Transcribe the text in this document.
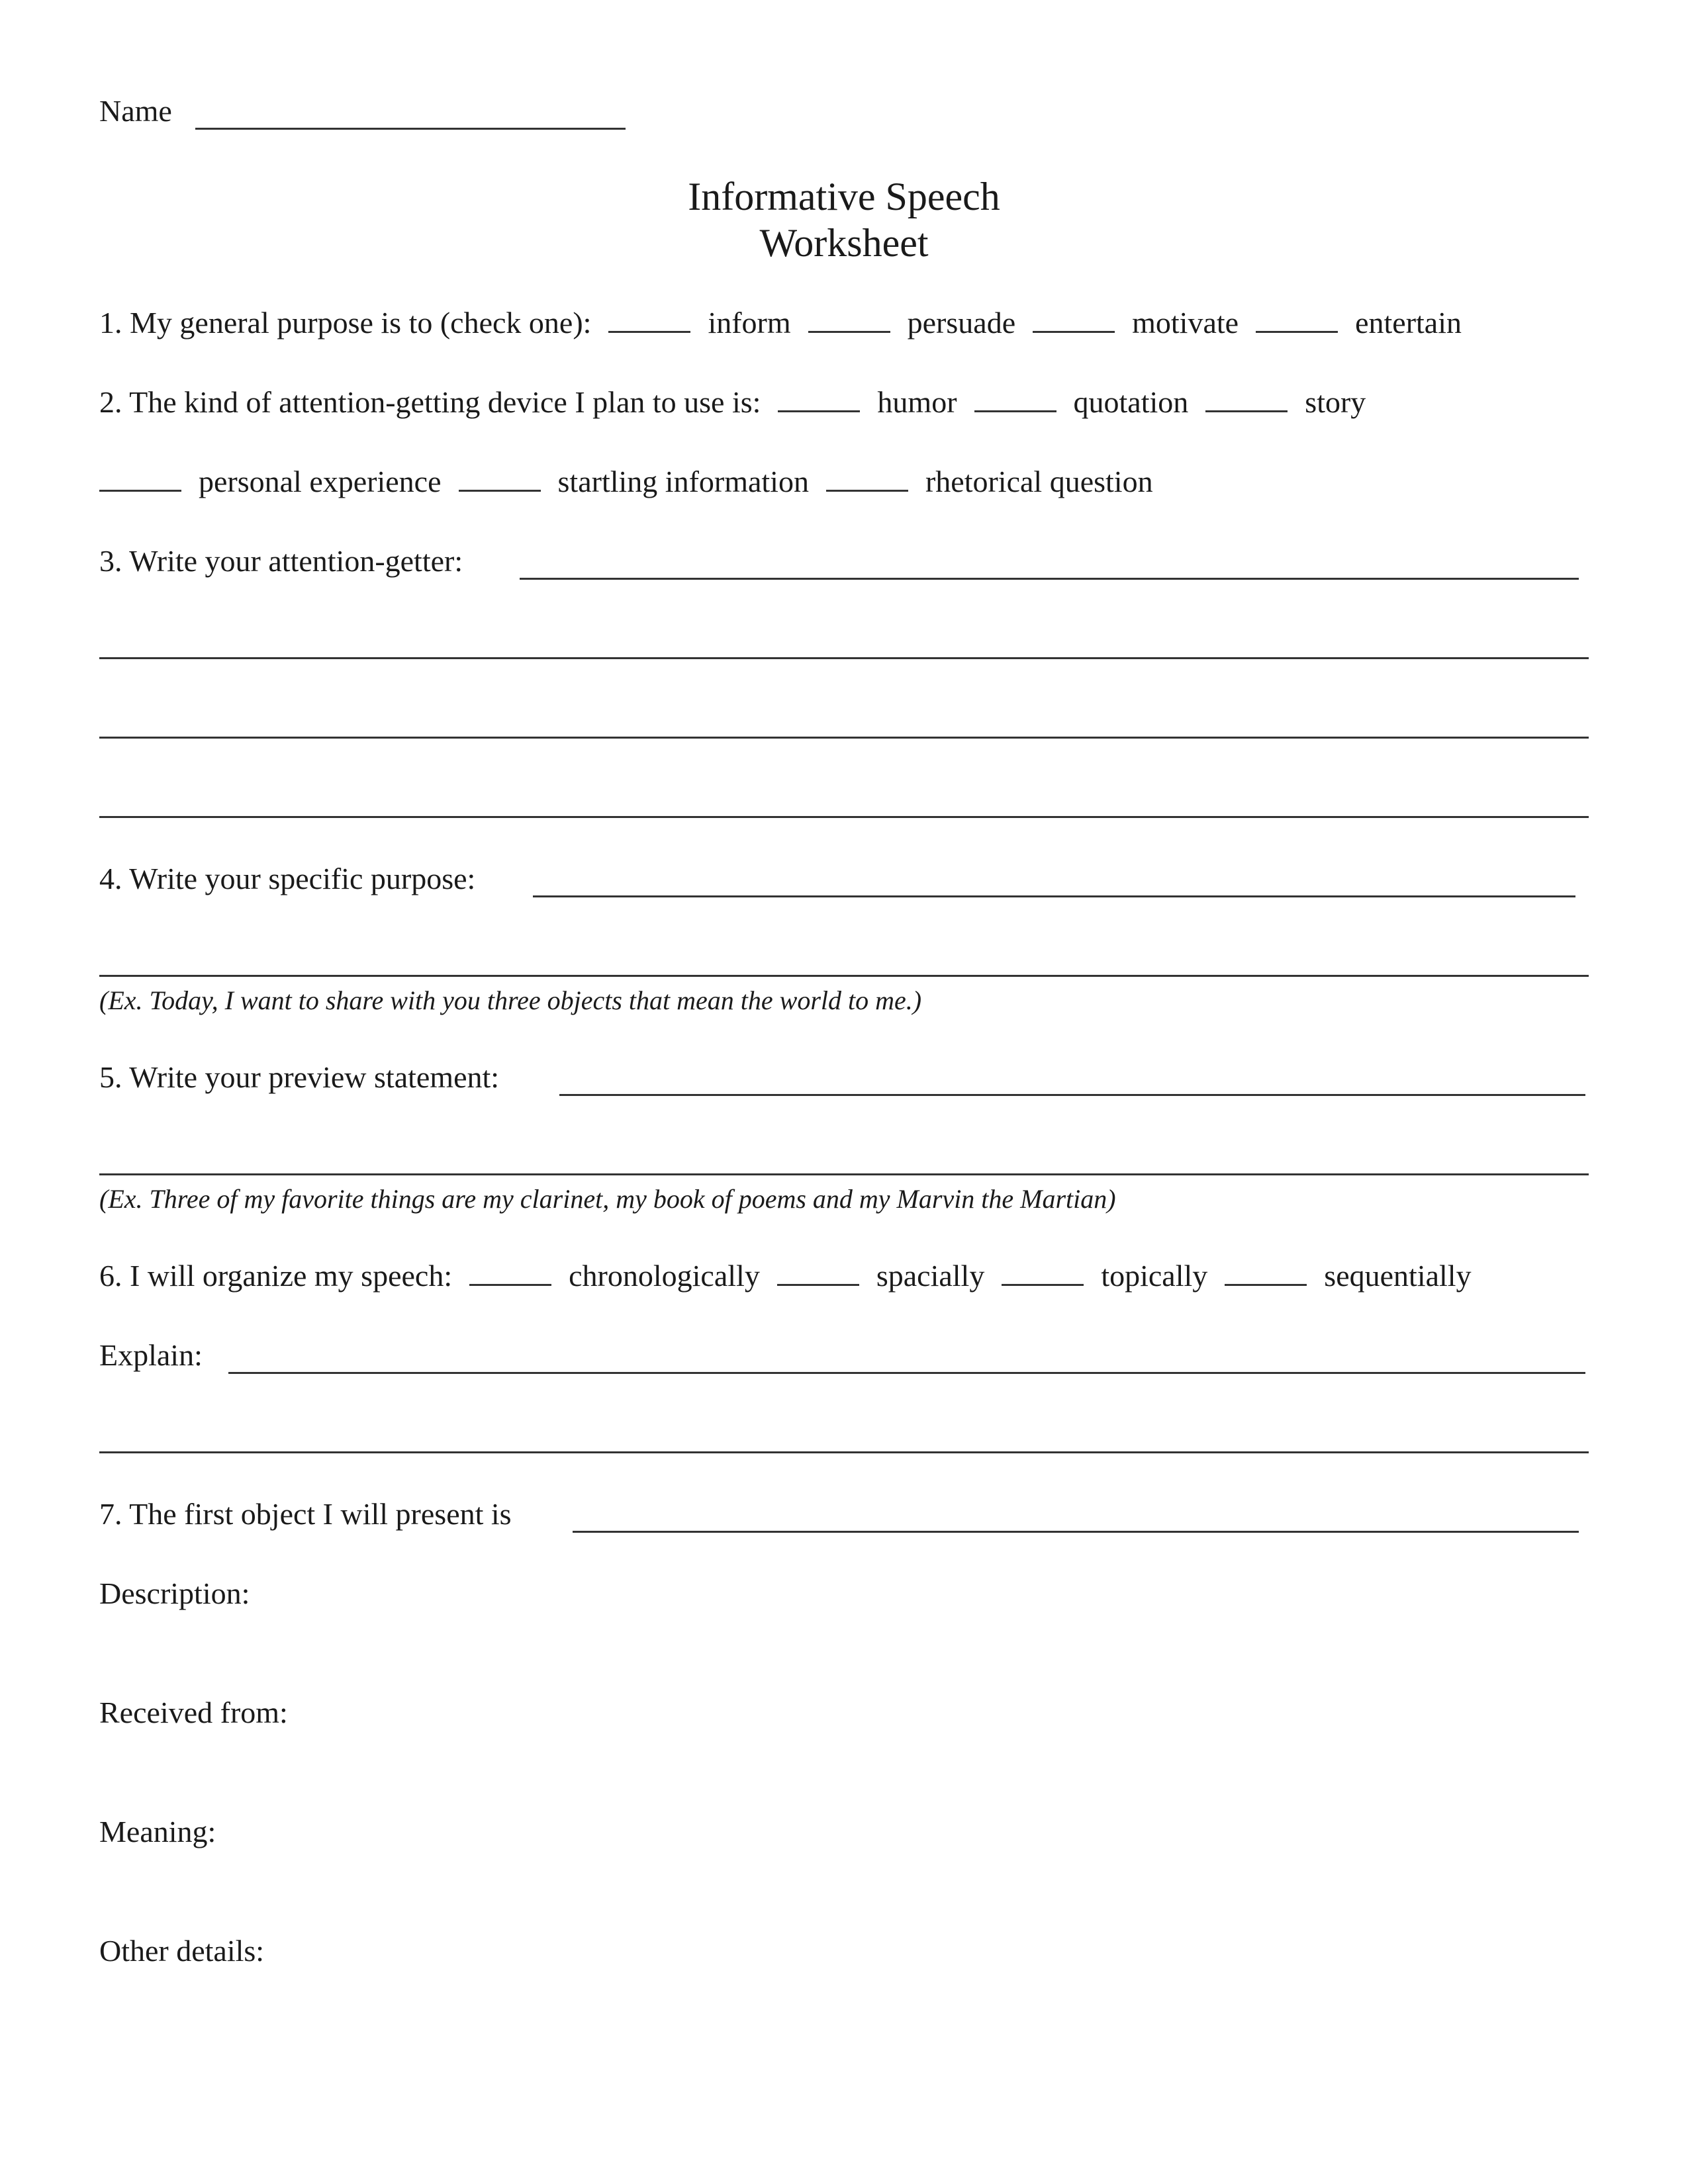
Name
Informative Speech
Worksheet
1. My general purpose is to (check one):	inform	persuade	motivate	entertain
2. The kind of attention-getting device I plan to use is:	humor	quotation	story
personal experience	startling information	rhetorical question
3. Write your attention-getter:
4. Write your specific purpose:
(Ex. Today, I want to share with you three objects that mean the world to me.)
5. Write your preview statement:
(Ex. Three of my favorite things are my clarinet, my book of poems and my Marvin the Martian)
6. I will organize my speech:	chronologically	spacially	topically	sequentially
Explain:
7. The first object I will present is
Description:
Received from:
Meaning:
Other details:
